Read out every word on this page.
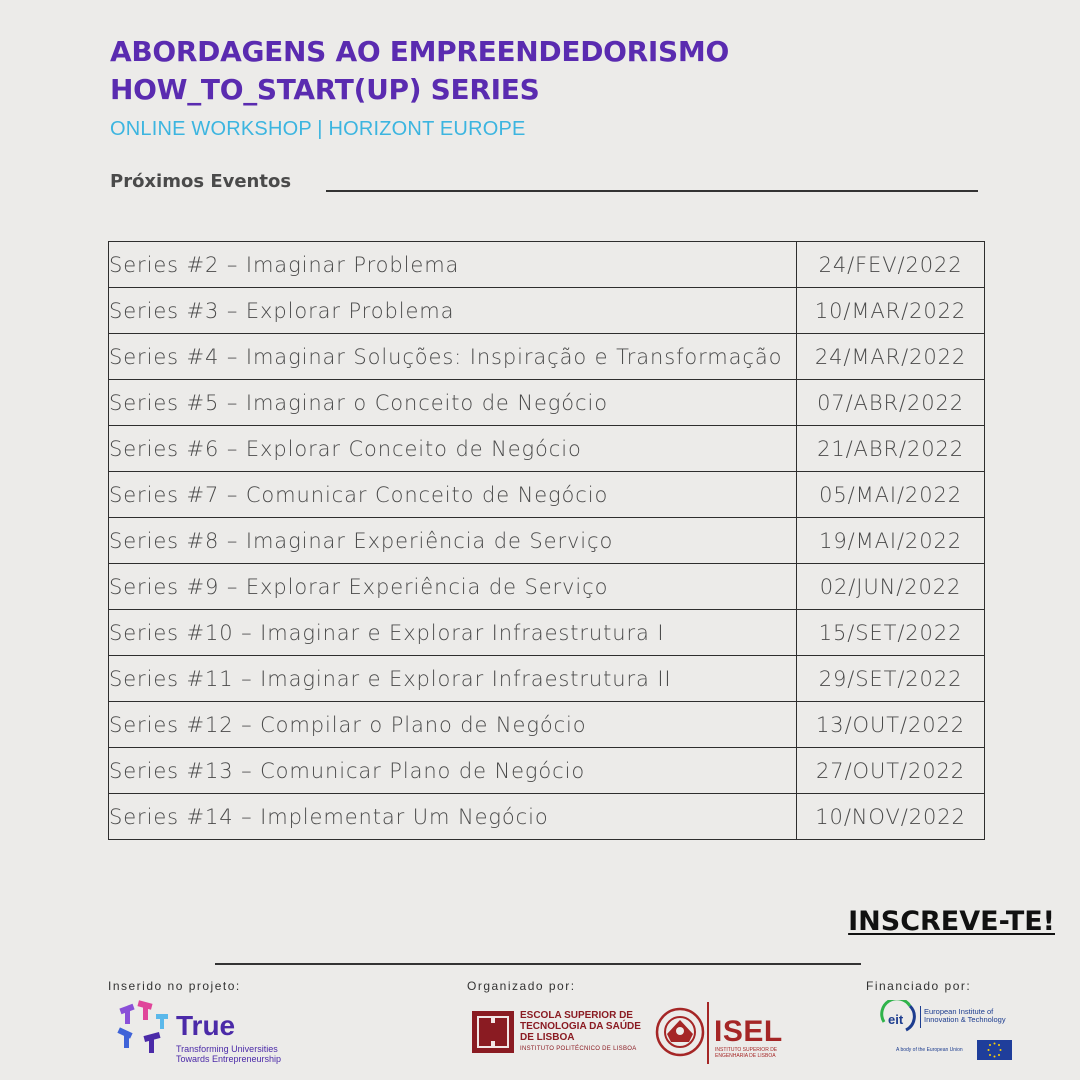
ABORDAGENS AO EMPREENDEDORISMO
HOW_TO_START(UP) SERIES
ONLINE WORKSHOP | HORIZONT EUROPE
Próximos Eventos
Series #2 – Imaginar Problema	24/FEV/2022
Series #3 – Explorar Problema	10/MAR/2022
Series #4 – Imaginar Soluções: Inspiração e Transformação	24/MAR/2022
Series #5 – Imaginar o Conceito de Negócio	07/ABR/2022
Series #6 – Explorar Conceito de Negócio	21/ABR/2022
Series #7 – Comunicar Conceito de Negócio	05/MAI/2022
Series #8 – Imaginar Experiência de Serviço	19/MAI/2022
Series #9 – Explorar Experiência de Serviço	02/JUN/2022
Series #10 – Imaginar e Explorar Infraestrutura I	15/SET/2022
Series #11 – Imaginar e Explorar Infraestrutura II	29/SET/2022
Series #12 – Compilar o Plano de Negócio	13/OUT/2022
Series #13 – Comunicar Plano de Negócio	27/OUT/2022
Series #14 – Implementar Um Negócio	10/NOV/2022
INSCREVE-TE!
Inserido no projeto:	Organizado por:	Financiado por:
True
Transforming Universities
Towards Entrepreneurship
ESCOLA SUPERIOR DE
TECNOLOGIA DA SAÚDE
DE LISBOA
INSTITUTO POLITÉCNICO DE LISBOA
ISEL
INSTITUTO SUPERIOR DE
ENGENHARIA DE LISBOA
eit
European Institute of
Innovation & Technology
A body of the European Union
